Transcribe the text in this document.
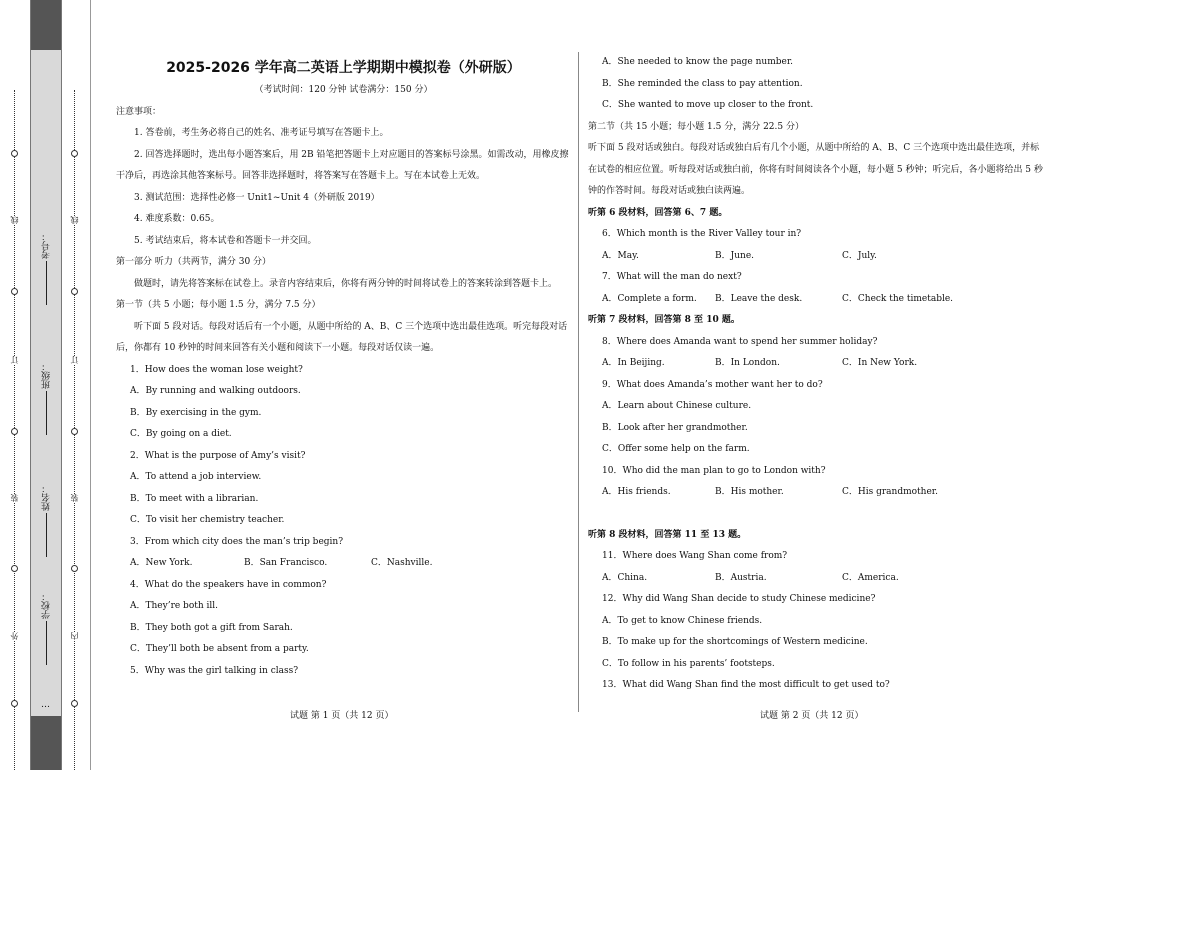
线
订
装
外
线
订
装
内
考号：
班级：
姓名：
学校：
…
2025-2026 学年高二英语上学期期中模拟卷（外研版）
（考试时间：120 分钟 试卷满分：150 分）

注意事项：

1. 答卷前，考生务必将自己的姓名、准考证号填写在答题卡上。

2. 回答选择题时，选出每小题答案后，用 2B 铅笔把答题卡上对应题目的答案标号涂黑。如需改动，用橡皮擦干净后，再选涂其他答案标号。回答非选择题时，将答案写在答题卡上。写在本试卷上无效。

3. 测试范围：选择性必修一 Unit1~Unit 4（外研版 2019）

4. 难度系数：0.65。

5. 考试结束后，将本试卷和答题卡一并交回。

第一部分 听力（共两节，满分 30 分）

做题时，请先将答案标在试卷上。录音内容结束后，你将有两分钟的时间将试卷上的答案转涂到答题卡上。

第一节（共 5 小题；每小题 1.5 分，满分 7.5 分）

听下面 5 段对话。每段对话后有一个小题，从题中所给的 A、B、C 三个选项中选出最佳选项。听完每段对话后，你都有 10 秒钟的时间来回答有关小题和阅读下一小题。每段对话仅读一遍。

1．How does the woman lose weight?

A．By running and walking outdoors.

B．By exercising in the gym.

C．By going on a diet.

2．What is the purpose of Amy’s visit?

A．To attend a job interview.

B．To meet with a librarian.

C．To visit her chemistry teacher.

3．From which city does the man’s trip begin?

A．New York.	B．San Francisco.	C．Nashville.

4．What do the speakers have in common?

A．They’re both ill.

B．They both got a gift from Sarah.

C．They’ll both be absent from a party.

5．Why was the girl talking in class?

A．She needed to know the page number.

B．She reminded the class to pay attention.

C．She wanted to move up closer to the front.

第二节（共 15 小题；每小题 1.5 分，满分 22.5 分）

听下面 5 段对话或独白。每段对话或独白后有几个小题，从题中所给的 A、B、C 三个选项中选出最佳选项，并标在试卷的相应位置。听每段对话或独白前，你将有时间阅读各个小题，每小题 5 秒钟；听完后，各小题将给出 5 秒钟的作答时间。每段对话或独白读两遍。

听第 6 段材料，回答第 6、7 题。

6．Which month is the River Valley tour in?

A．May.	B．June.	C．July.

7．What will the man do next?

A．Complete a form.	B．Leave the desk.	C．Check the timetable.

听第 7 段材料，回答第 8 至 10 题。

8．Where does Amanda want to spend her summer holiday?

A．In Beijing.	B．In London.	C．In New York.

9．What does Amanda’s mother want her to do?

A．Learn about Chinese culture.

B．Look after her grandmother.

C．Offer some help on the farm.

10．Who did the man plan to go to London with?

A．His friends.	B．His mother.	C．His grandmother.

听第 8 段材料，回答第 11 至 13 题。

11．Where does Wang Shan come from?

A．China.	B．Austria.	C．America.

12．Why did Wang Shan decide to study Chinese medicine?

A．To get to know Chinese friends.

B．To make up for the shortcomings of Western medicine.

C．To follow in his parents’ footsteps.

13．What did Wang Shan find the most difficult to get used to?

试题 第 1 页（共 12 页）	试题 第 2 页（共 12 页）
